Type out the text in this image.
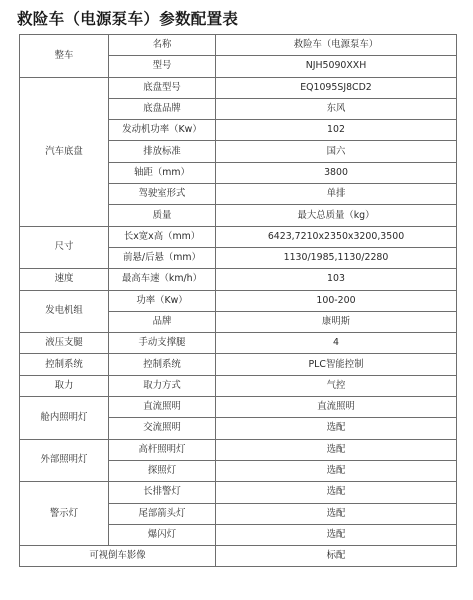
救险车（电源泵车）参数配置表
整车	名称	救险车（电源泵车）	
	型号	NJH5090XXH	
汽车底盘	底盘型号	EQ1095SJ8CD2	
	底盘品牌	东风	
	发动机功率（Kw）	102	
	排放标准	国六	
	轴距（mm）	3800	
	驾驶室形式	单排	
	质量	最大总质量（kg）	
尺寸	长x宽x高（mm）	6423,7210x2350x3200,3500	
	前悬/后悬（mm）	1130/1985,1130/2280	
速度	最高车速（km/h）	103	
发电机组	功率（Kw）	100-200	
	品牌	康明斯	
液压支腿	手动支撑腿	4	
控制系统	控制系统	PLC智能控制	
取力	取力方式	气控	
舱内照明灯	直流照明	直流照明	
	交流照明	选配	
外部照明灯	高杆照明灯	选配	
	探照灯	选配	
警示灯	长排警灯	选配	
	尾部箭头灯	选配	
	爆闪灯	选配	
可视倒车影像		标配	
